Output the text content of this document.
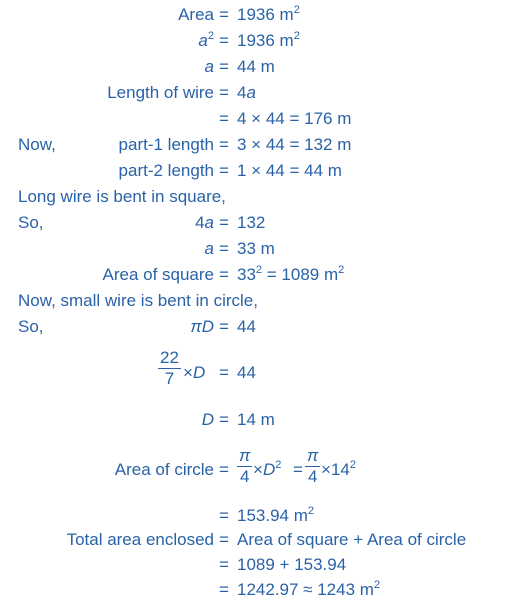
Area = 1936 $m^2$
$a^2 = 1936$ $m^2$
a = 44 m
Length of wire = 4a
= 4 × 44 = 176 m
Now,	part-1 length = 3 × 44 = 132 m
part-2 length = 1 × 44 = 44 m
Long wire is bent in square,
So,	4a = 132
a = 33 m
Area of square = $33^2 = 1089$ $m^2$
Now, small wire is bent in circle,
So,	πD = 44
$\frac{22}{7} \times D = 44$
D = 14 m
Area of circle = $\frac{\pi}{4} \times D^2 = \frac{\pi}{4} \times 14^2$
= 153.94 $m^2$
Total area enclosed = Area of square + Area of circle
= 1089 + 153.94
= 1242.97 ≈ 1243 $m^2$
